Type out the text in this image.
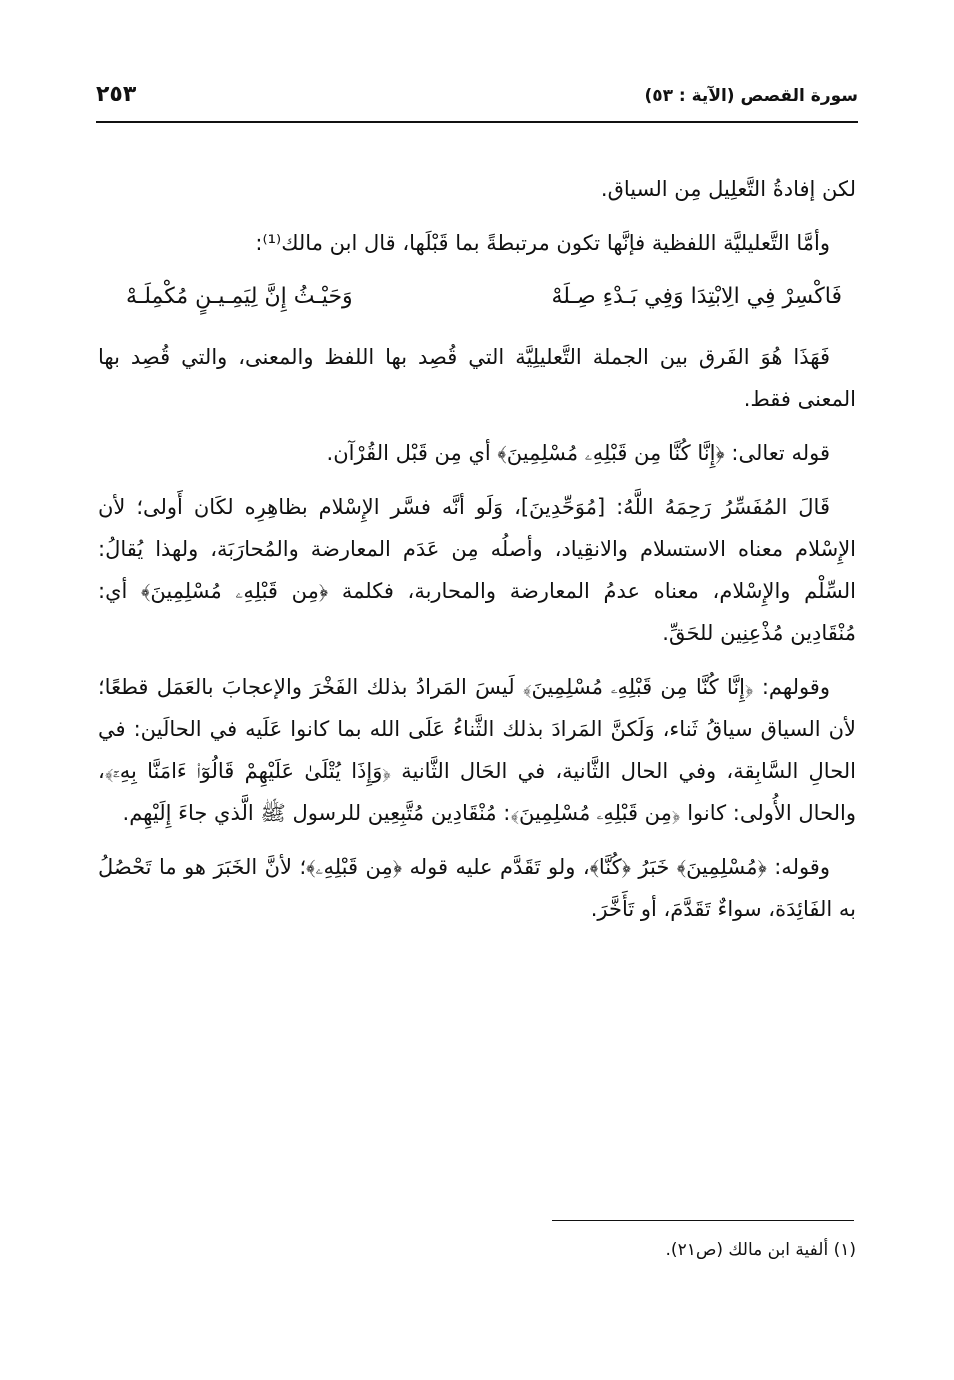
سورة القصص (الآية : ٥٣)
٢٥٣

لكن إفادةُ التَّعلِيل مِن السياق.

وأمَّا التَّعليليَّة اللفظية فإنَّها تكون مرتبطةً بما قَبْلَها، قال ابن مالك⁽¹⁾:

فَاكْسِرْ فِي الِابْتِدَا وَفِي بَـدْءِ صِـلَهْ
وَحَيْـثُ إِنَّ لِيَمِـيـنٍ مُكْمِلَـهْ

فَهَذَا هُوَ الفَرق بين الجملة التَّعليلِيَّة التي قُصِد بها اللفظ والمعنى، والتي قُصِد بها المعنى فقط.

قوله تعالى: ﴿إِنَّا كُنَّا مِن قَبْلِهِۦ مُسْلِمِينَ﴾ أي مِن قَبْل القُرْآن.

قَالَ المُفَسِّرُ رَحِمَهُ اللَّهُ: [مُوَحِّدِينَ]، وَلَو أنَّه فسَّر الإِسْلام بظاهِرِه لكَان أَولى؛ لأن الإِسْلام معناه الاستسلام والانقِياد، وأصلُه مِن عَدَم المعارضة والمُحارَبَة، ولهذا يُقالُ: السِّلْم والإِسْلام، معناه عدمُ المعارضة والمحاربة، فكلمة ﴿مِن قَبْلِهِۦ مُسْلِمِينَ﴾ أي: مُنْقَادِين مُذْعِنِين للحَقِّ.

وقولهم: ﴿إِنَّا كُنَّا مِن قَبْلِهِۦ مُسْلِمِينَ﴾ لَيسَ المَرادُ بذلك الفَخْرَ والإعجابَ بالعَمَل قطعًا؛ لأن السياق سياقُ ثَناء، وَلَكنَّ المَرادَ بذلك الثَّناءُ عَلَى الله بما كانوا عَلَيه في الحالَين: في الحالِ السَّابِقة، وفي الحال الثَّانية، في الحَال الثَّانية ﴿وَإِذَا يُتْلَىٰ عَلَيْهِمْ قَالُوٓا۟ ءَامَنَّا بِهِۦٓ﴾، والحال الأُولى: كانوا ﴿مِن قَبْلِهِۦ مُسْلِمِينَ﴾: مُنْقَادِين مُتَّبِعِين للرسول ﷺ الَّذي جاءَ إِلَيْهِم.

وقوله: ﴿مُسْلِمِينَ﴾ خَبَرُ ﴿كُنَّا﴾، ولو تَقَدَّم عليه قوله ﴿مِن قَبْلِهِۦ﴾؛ لأنَّ الخَبَرَ هو ما تَحْصُلُ به الفَائِدَة، سواءٌ تَقَدَّمَ، أو تَأَخَّرَ.

(١) ألفية ابن مالك (ص٢١).
